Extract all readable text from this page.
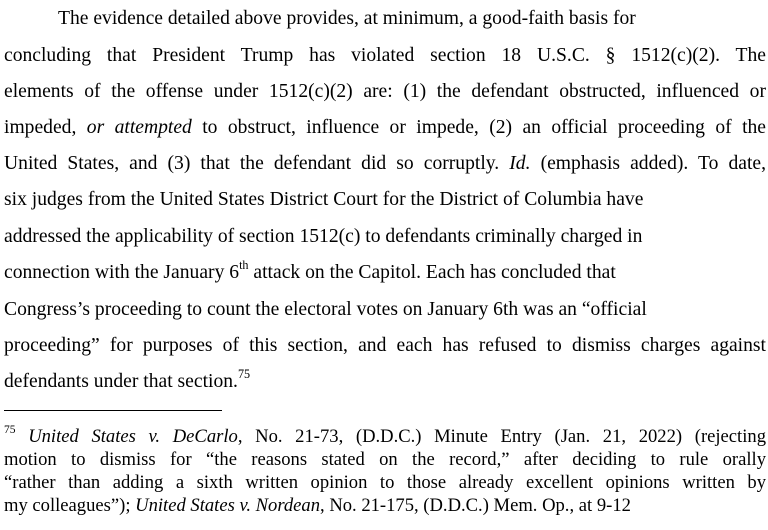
The evidence detailed above provides, at minimum, a good-faith basis for
concluding that President Trump has violated section 18 U.S.C. § 1512(c)(2). The
elements of the offense under 1512(c)(2) are: (1) the defendant obstructed, influenced or
impeded, or attempted to obstruct, influence or impede, (2) an official proceeding of the
United States, and (3) that the defendant did so corruptly. Id. (emphasis added). To date,
six judges from the United States District Court for the District of Columbia have
addressed the applicability of section 1512(c) to defendants criminally charged in
connection with the January 6th attack on the Capitol. Each has concluded that
Congress’s proceeding to count the electoral votes on January 6th was an “official
proceeding” for purposes of this section, and each has refused to dismiss charges against
defendants under that section.$^{75}$
$^{75}$ United States v. DeCarlo, No. 21-73, (D.D.C.) Minute Entry (Jan. 21, 2022) (rejecting
motion to dismiss for “the reasons stated on the record,” after deciding to rule orally
“rather than adding a sixth written opinion to those already excellent opinions written by
my colleagues”); United States v. Nordean, No. 21-175, (D.D.C.) Mem. Op., at 9-12
